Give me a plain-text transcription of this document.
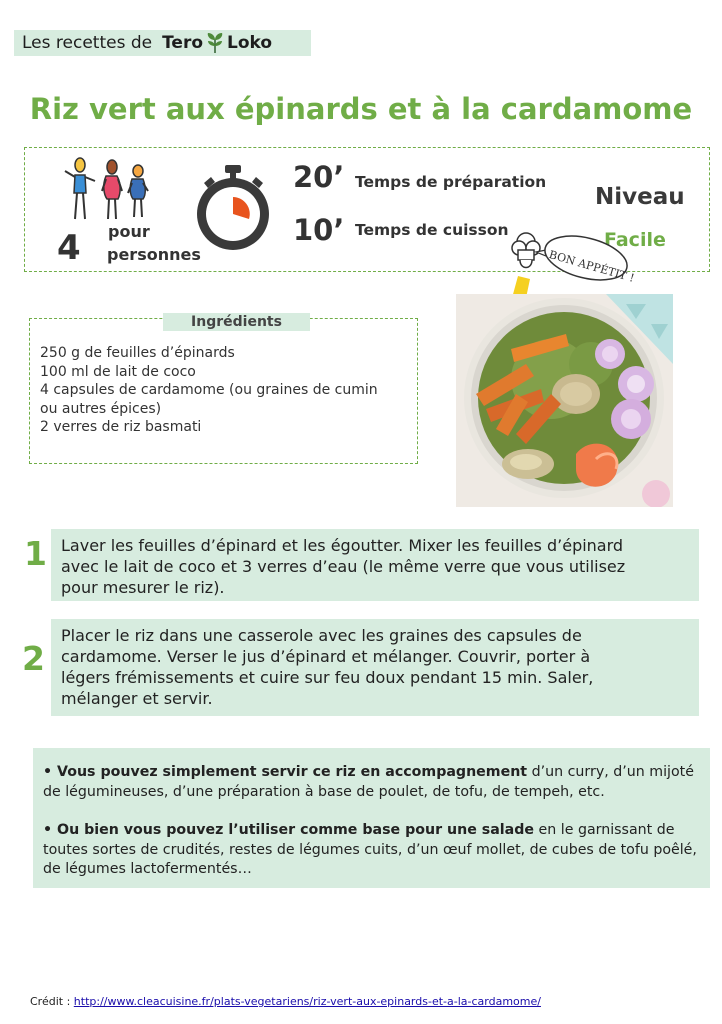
Les recettes de Tero Loko
Riz vert aux épinards et à la cardamome
4 pour
personnes
20’ Temps de préparation
10’ Temps de cuisson
Niveau
Facile
BON APPÉTIT !
Ingrédients
250 g de feuilles d’épinards
100 ml de lait de coco
4 capsules de cardamome (ou graines de cumin
ou autres épices)
2 verres de riz basmati
1 Laver les feuilles d’épinard et les égoutter. Mixer les feuilles d’épinard
avec le lait de coco et 3 verres d’eau (le même verre que vous utilisez
pour mesurer le riz).
2
Placer le riz dans une casserole avec les graines des capsules de
cardamome. Verser le jus d’épinard et mélanger. Couvrir, porter à
légers frémissements et cuire sur feu doux pendant 15 min. Saler,
mélanger et servir.

• Vous pouvez simplement servir ce riz en accompagnement d’un curry, d’un mijoté de légumineuses, d’une préparation à base de poulet, de tofu, de tempeh, etc.

• Ou bien vous pouvez l’utiliser comme base pour une salade en le garnissant de toutes sortes de crudités, restes de légumes cuits, d’un œuf mollet, de cubes de tofu poêlé, de légumes lactofermentés…

Crédit : http://www.cleacuisine.fr/plats-vegetariens/riz-vert-aux-epinards-et-a-la-cardamome/
